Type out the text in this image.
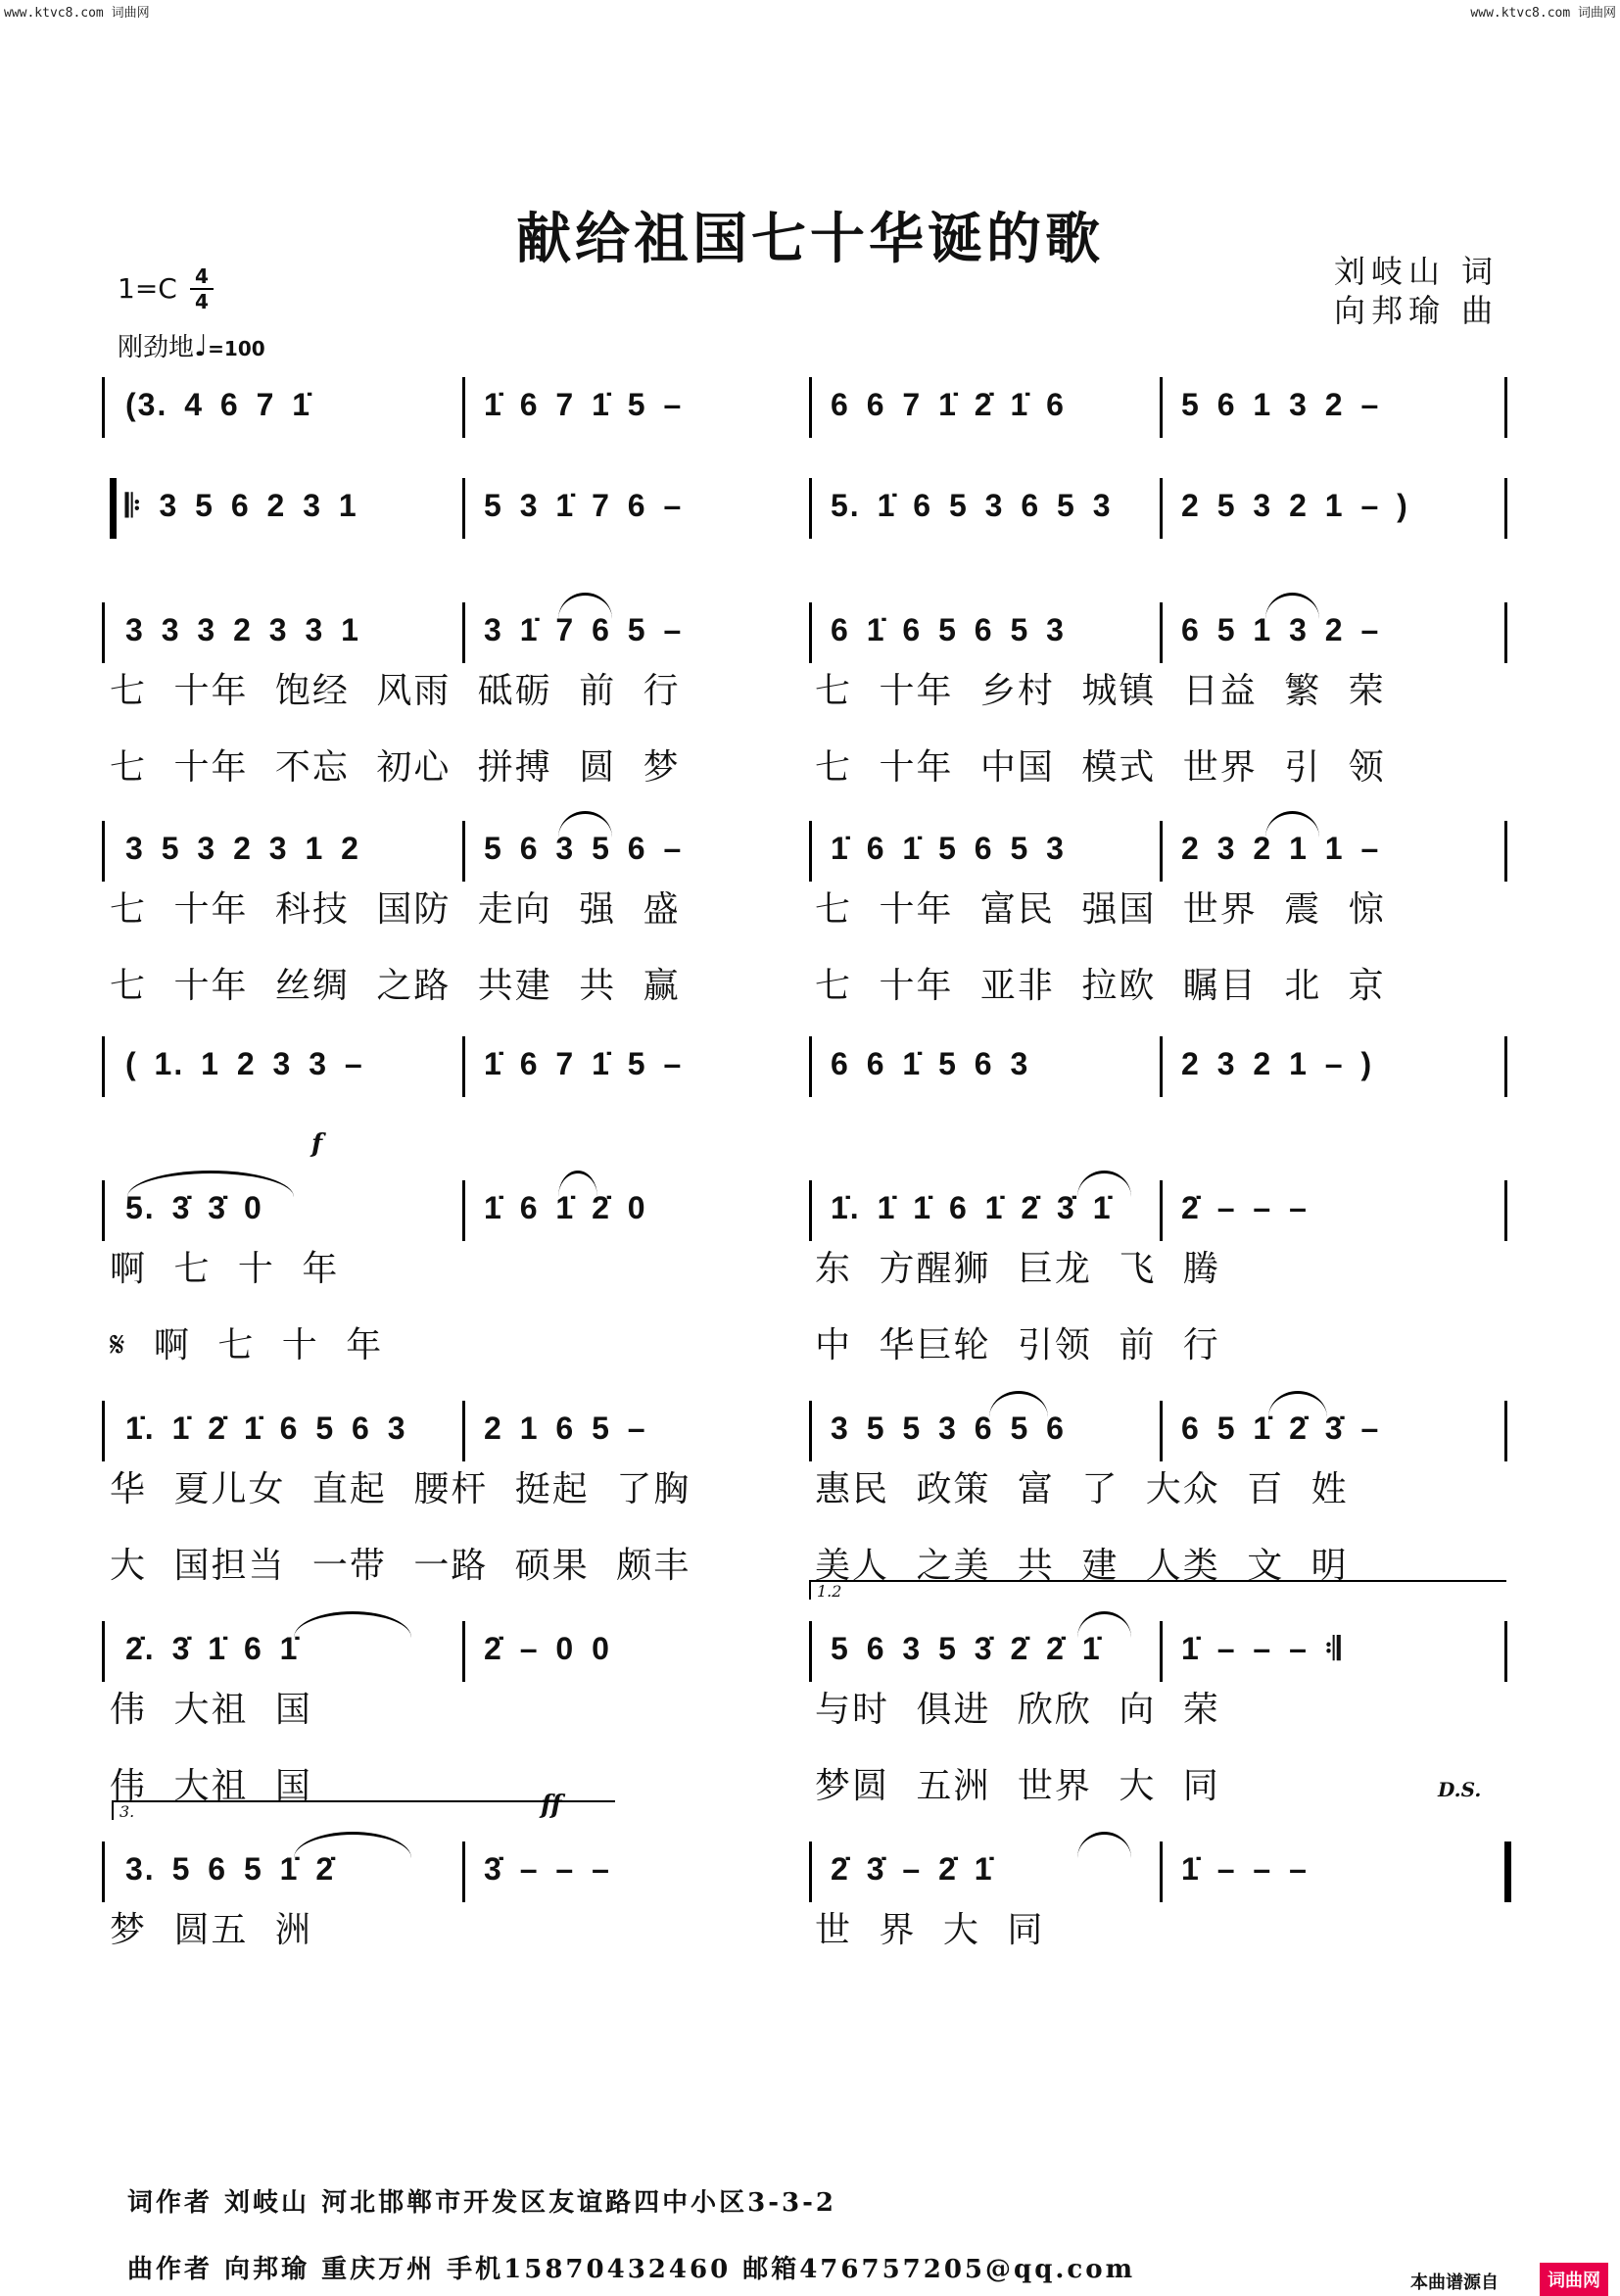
www.ktvc8.com 词曲网	www.ktvc8.com 词曲网
献给祖国七十华诞的歌	刘岐山 词
向邦瑜 曲
1=C 4
4
刚劲地♩=100
(3. 4 6 7 1̇	1̇ 6 7 1̇ 5 –	6 6 7 1̇ 2̇ 1̇ 6	5 6 1 3 2 –
𝄆 3 5 6 2 3 1	5 3 1̇ 7 6 –	5. 1̇ 6 5 3 6 5 3 2 5 3 2 1 – )
3 3 3 2 3 3 1	3 1̇ 7 6 5 –	6 1̇ 6 5 6 5 3	6 5 1 3 2 –
七 十年 饱经 风雨 砥砺 前 行	七 十年 乡村 城镇 日益 繁 荣
七 十年 不忘 初心 拼搏 圆 梦	七 十年 中国 模式 世界 引 领
3 5 3 2 3 1 2	5 6 3 5 6 –	1̇ 6 1̇ 5 6 5 3	2 3 2 1 1 –
七 十年 科技 国防 走向 强 盛	七 十年 富民 强国 世界 震 惊
七 十年 丝绸 之路 共建 共 赢	七 十年 亚非 拉欧 瞩目 北 京
( 1. 1 2 3 3 –	1̇ 6 7 1̇ 5 –	6 6 1̇ 5 6 3	2 3 2 1 – )
5. 3̇ 3̇ 0	1̇ 6 1̇ 2̇ 0	1̇. 1̇ 1̇ 6 1̇ 2̇ 3̇ 1̇ 2̇ – – –
f
啊 七 十 年	东 方醒狮 巨龙 飞 腾
𝄋 啊 七 十 年	中 华巨轮 引领 前 行
1̇. 1̇ 2̇ 1̇ 6 5 6 3 2 1 6 5 –	3 5 5 3 6 5 6	6 5 1̇ 2̇ 3̇ –
华 夏儿女 直起 腰杆 挺起 了胸	惠民 政策 富 了 大众 百 姓
大 国担当 一带 一路 硕果 颇丰	美人 之美 共 建 人类 文 明
2̇. 3̇ 1̇ 6 1̇	2̇ – 0 0	5 6 3 5 3̇ 2̇ 2̇ 1̇	1̇ – – – 𝄇
1.2
D.S.
伟 大祖 国	与时 俱进 欣欣 向 荣
伟 大祖 国	梦圆 五洲 世界 大 同
3. 5 6 5 1̇ 2̇	3̇ – – –	2̇ 3̇ – 2̇ 1̇	1̇ – – –
ff
3.
梦 圆五 洲	世 界 大 同
词作者 刘岐山 河北邯郸市开发区友谊路四中小区3-3-2
曲作者 向邦瑜 重庆万州 手机15870432460 邮箱476757205@qq.com	本曲谱源自	词曲网
